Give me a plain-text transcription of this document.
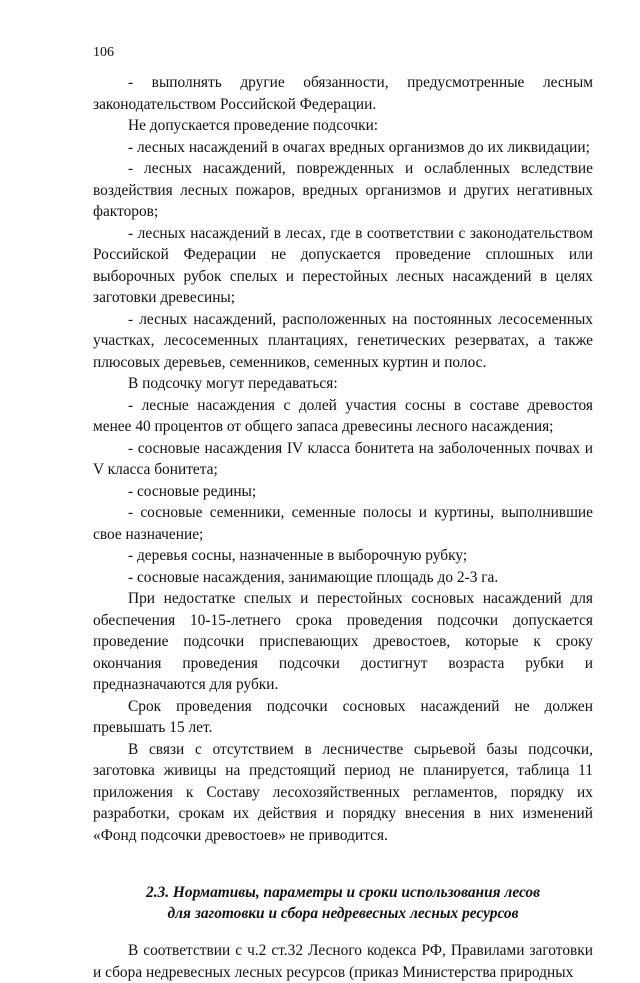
106

- выполнять другие обязанности, предусмотренные лесным законодательством Российской Федерации.

Не допускается проведение подсочки:

- лесных насаждений в очагах вредных организмов до их ликвидации;

- лесных насаждений, поврежденных и ослабленных вследствие воздействия лесных пожаров, вредных организмов и других негативных факторов;

- лесных насаждений в лесах, где в соответствии с законодательством Российской Федерации не допускается проведение сплошных или выборочных рубок спелых и перестойных лесных насаждений в целях заготовки древесины;

- лесных насаждений, расположенных на постоянных лесосеменных участках, лесосеменных плантациях, генетических резерватах, а также плюсовых деревьев, семенников, семенных куртин и полос.

В подсочку могут передаваться:

- лесные насаждения с долей участия сосны в составе древостоя менее 40 процентов от общего запаса древесины лесного насаждения;

- сосновые насаждения IV класса бонитета на заболоченных почвах и V класса бонитета;

- сосновые редины;

- сосновые семенники, семенные полосы и куртины, выполнившие свое назначение;

- деревья сосны, назначенные в выборочную рубку;

- сосновые насаждения, занимающие площадь до 2-3 га.

При недостатке спелых и перестойных сосновых насаждений для обеспечения 10-15-летнего срока проведения подсочки допускается проведение подсочки приспевающих древостоев, которые к сроку окончания проведения подсочки достигнут возраста рубки и предназначаются для рубки.

Срок проведения подсочки сосновых насаждений не должен превышать 15 лет.

В связи с отсутствием в лесничестве сырьевой базы подсочки, заготовка живицы на предстоящий период не планируется, таблица 11 приложения к Составу лесохозяйственных регламентов, порядку их разработки, срокам их действия и порядку внесения в них изменений «Фонд подсочки древостоев» не приводится.

2.3. Нормативы, параметры и сроки использования лесов
для заготовки и сбора недревесных лесных ресурсов

В соответствии с ч.2 ст.32 Лесного кодекса РФ, Правилами заготовки и сбора недревесных лесных ресурсов (приказ Министерства природных
